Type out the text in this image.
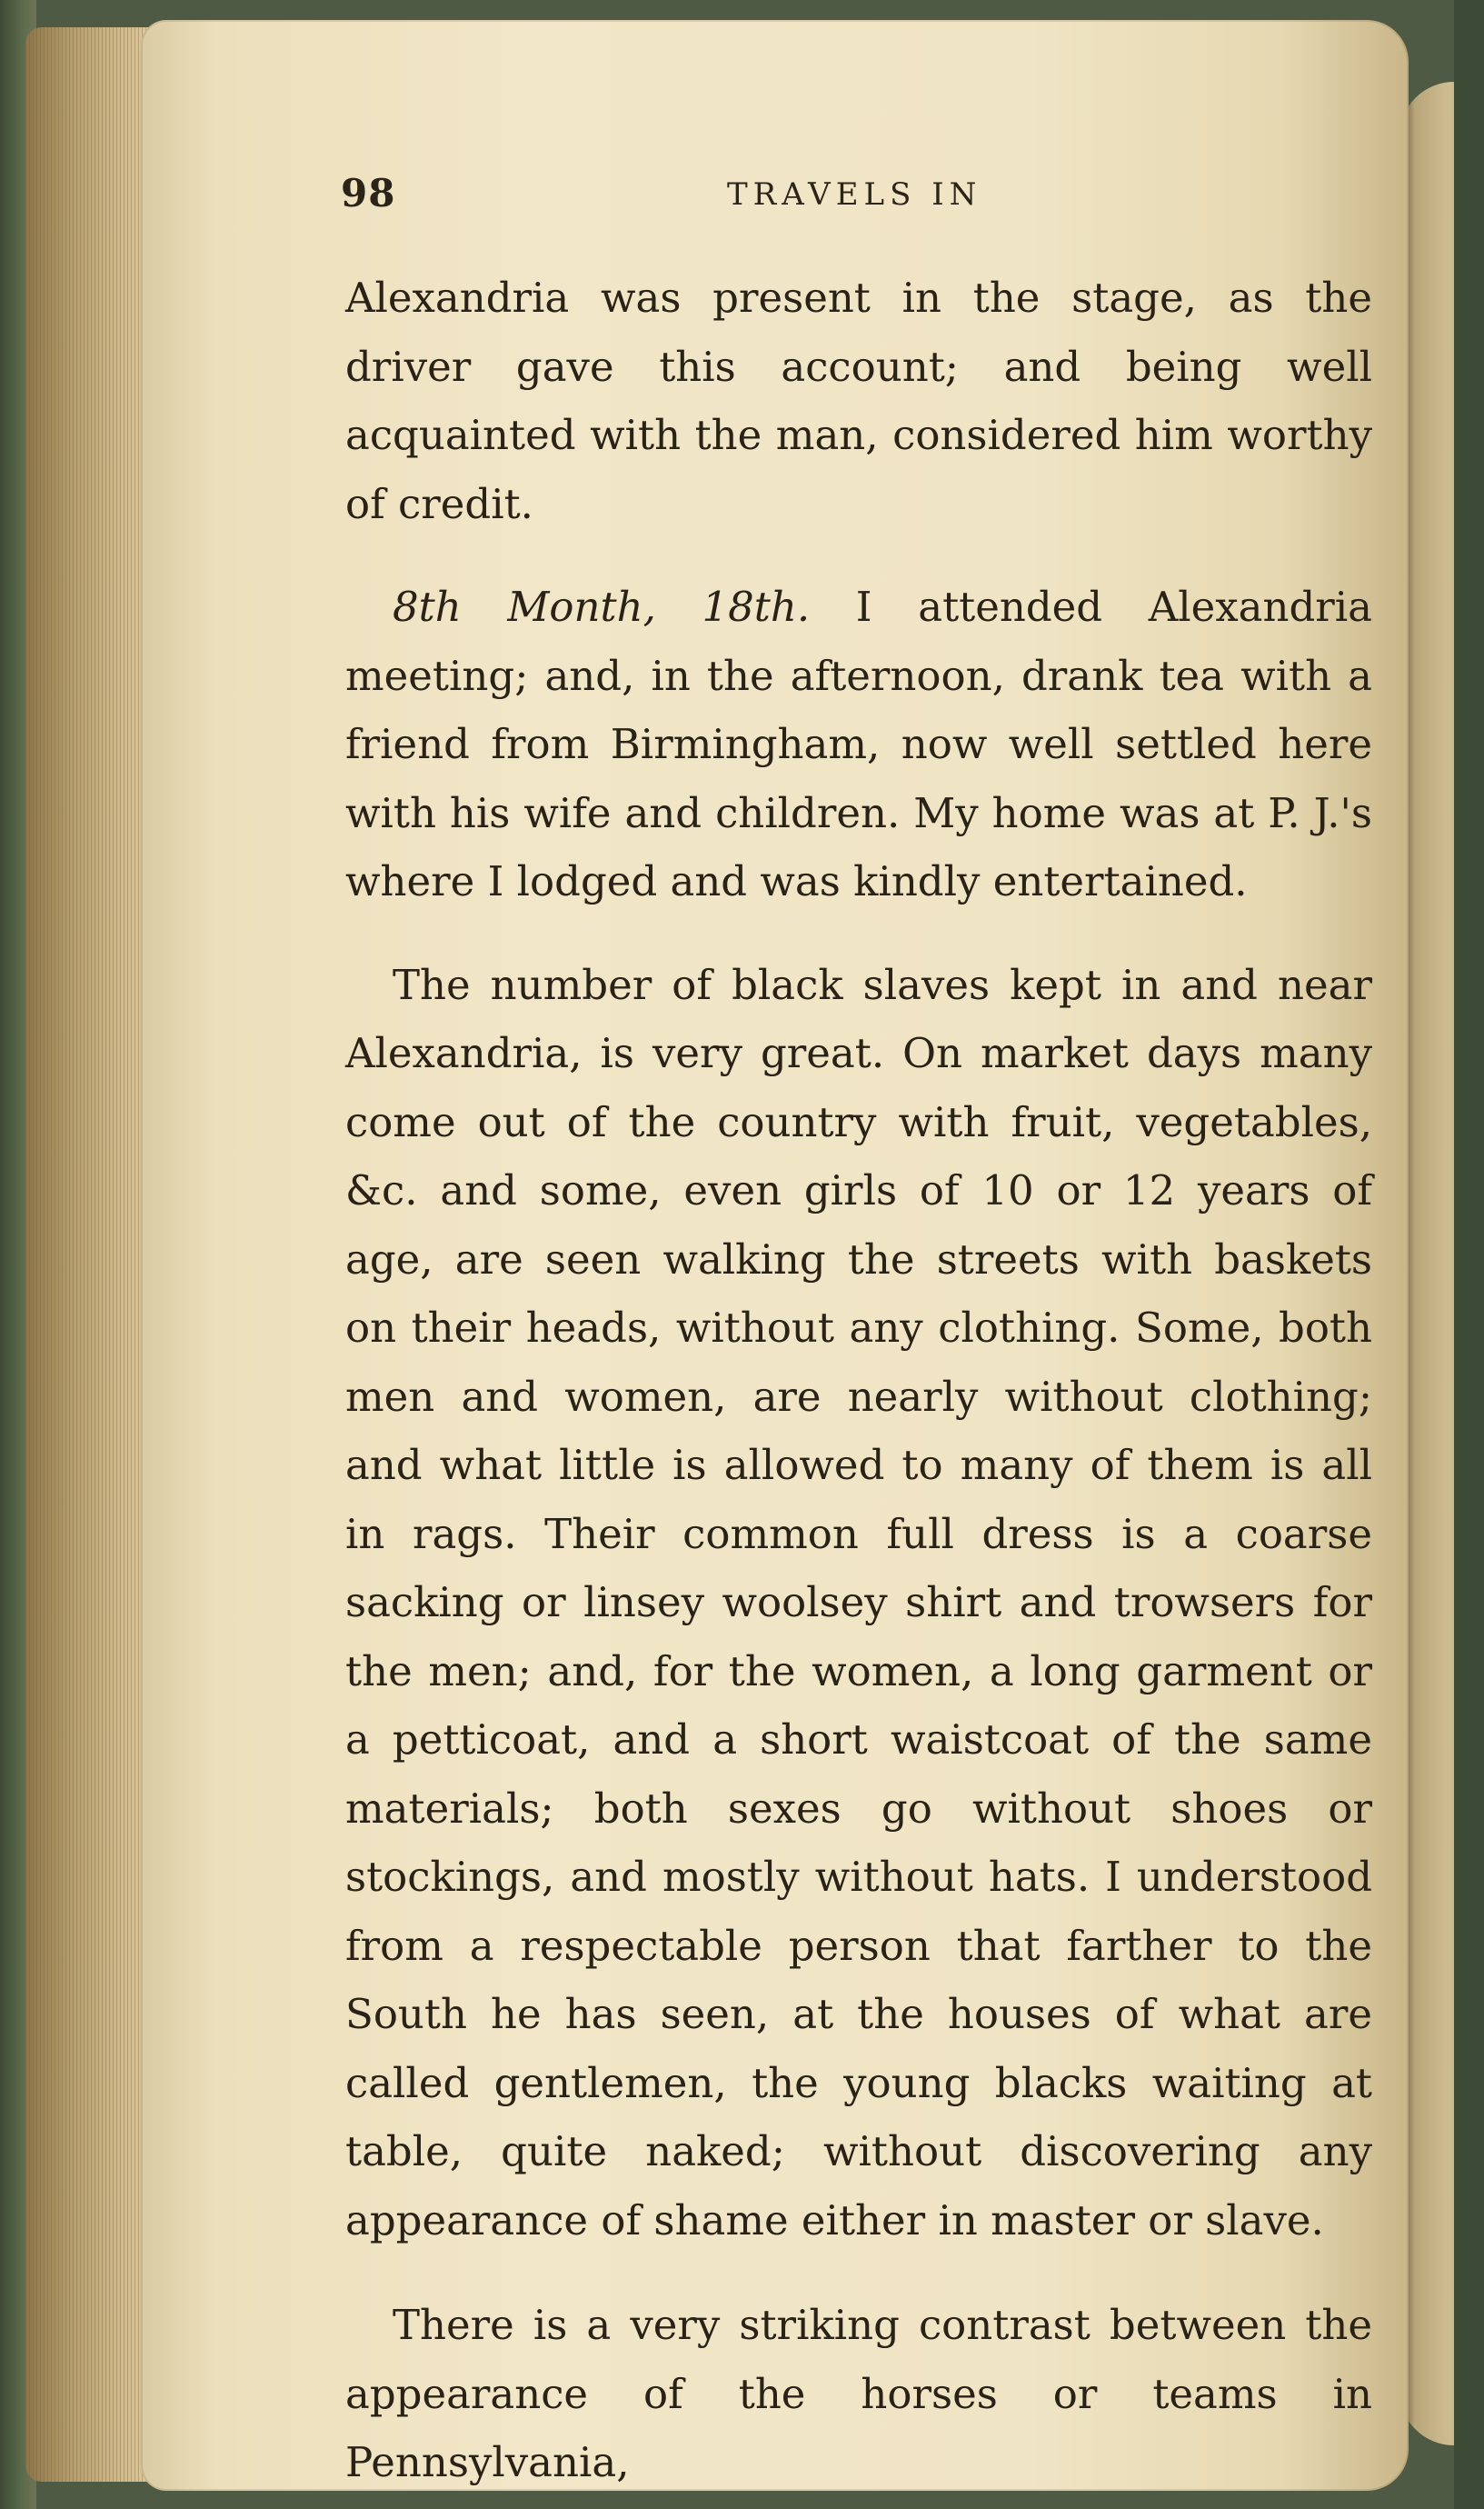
98	TRAVELS IN

Alexandria was present in the stage, as the driver gave this account; and being well acquainted with the man, considered him worthy of credit.

8th Month, 18th. I attended Alexandria meeting; and, in the afternoon, drank tea with a friend from Birmingham, now well settled here with his wife and children. My home was at P. J.'s where I lodged and was kindly entertained.

The number of black slaves kept in and near Alexandria, is very great. On market days many come out of the country with fruit, vegetables, &c. and some, even girls of 10 or 12 years of age, are seen walking the streets with baskets on their heads, without any clothing. Some, both men and women, are nearly without clothing; and what little is allowed to many of them is all in rags. Their common full dress is a coarse sacking or linsey woolsey shirt and trowsers for the men; and, for the women, a long garment or a petticoat, and a short waistcoat of the same materials; both sexes go without shoes or stockings, and mostly without hats. I understood from a respectable person that farther to the South he has seen, at the houses of what are called gentlemen, the young blacks waiting at table, quite naked; without discovering any appearance of shame either in master or slave.

There is a very striking contrast between the appearance of the horses or teams in Pennsylvania,
